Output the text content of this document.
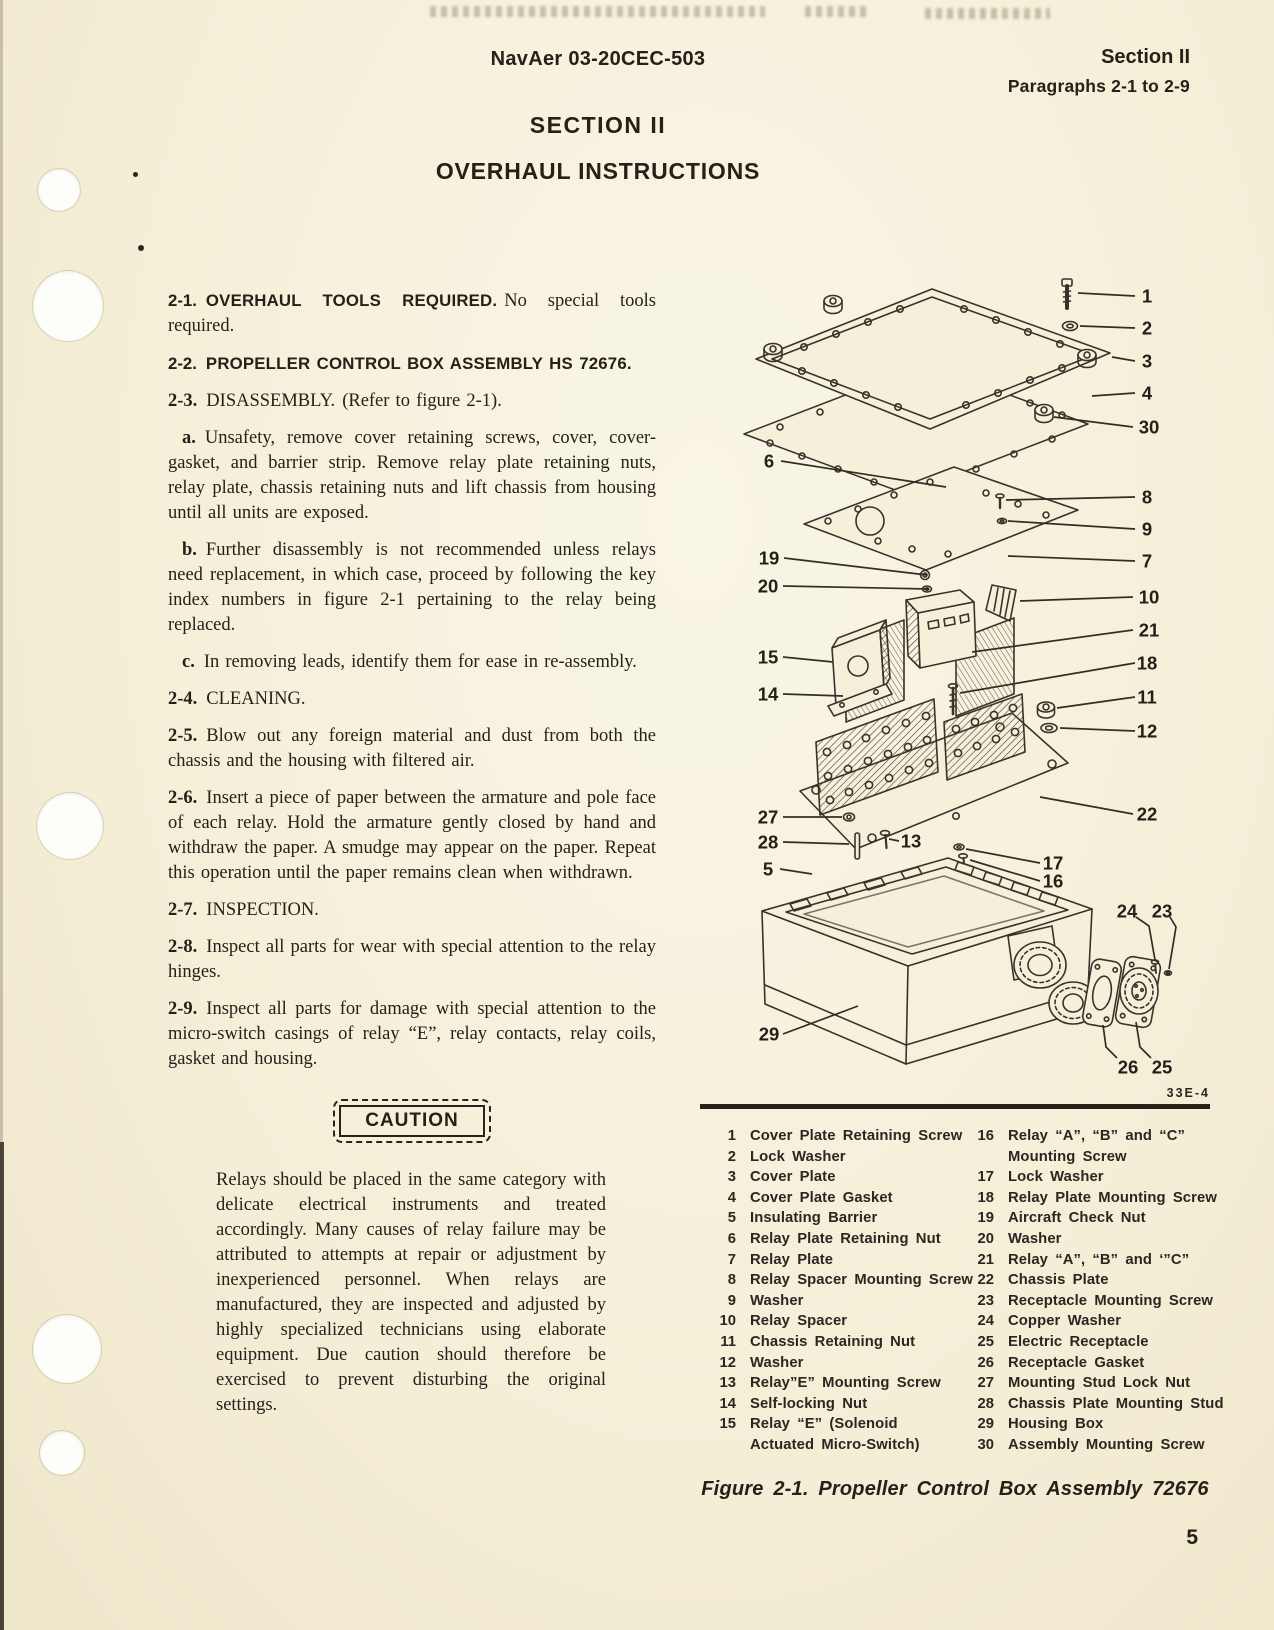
NavAer 03-20CEC-503	Section II
Paragraphs 2-1 to 2-9
SECTION II
OVERHAUL INSTRUCTIONS

2-1. OVERHAUL TOOLS REQUIRED. No special tools required.

2-2. PROPELLER CONTROL BOX ASSEMBLY HS 72676.

2-3. DISASSEMBLY. (Refer to figure 2-1).

a. Unsafety, remove cover retaining screws, cover, cover-gasket, and barrier strip. Remove relay plate retaining nuts, relay plate, chassis retaining nuts and lift chassis from housing until all units are exposed.

b. Further disassembly is not recommended unless relays need replacement, in which case, proceed by following the key index numbers in figure 2-1 pertaining to the relay being replaced.

c. In removing leads, identify them for ease in re-assembly.

2-4. CLEANING.

2-5. Blow out any foreign material and dust from both the chassis and the housing with filtered air.

2-6. Insert a piece of paper between the armature and pole face of each relay. Hold the armature gently closed by hand and withdraw the paper. A smudge may appear on the paper. Repeat this operation until the paper remains clean when withdrawn.

2-7. INSPECTION.

2-8. Inspect all parts for wear with special attention to the relay hinges.

2-9. Inspect all parts for damage with special attention to the micro-switch casings of relay “E”, relay contacts, relay coils, gasket and housing.

CAUTION

Relays should be placed in the same category with delicate electrical instruments and treated accordingly. Many causes of relay failure may be attributed to attempts at repair or adjustment by inexperienced personnel. When relays are manufactured, they are inspected and adjusted by highly specialized technicians using elaborate equipment. Due caution should therefore be exercised to prevent disturbing the original settings.

1
2
3
4
30
6
8
9
7
19
20
10
21
15	18
14	11
12
22
27
28	13
5	17
16
24 23
29
26 25
33E-4
1 Cover Plate Retaining Screw
2 Lock Washer
3 Cover Plate
4 Cover Plate Gasket
5 Insulating Barrier
6 Relay Plate Retaining Nut
7 Relay Plate
8 Relay Spacer Mounting Screw
9 Washer
10 Relay Spacer
11 Chassis Retaining Nut
12 Washer
13 Relay”E” Mounting Screw
14 Self-locking Nut
15 Relay “E” (Solenoid
Actuated Micro-Switch)
16 Relay “A”, “B” and “C”
Mounting Screw
17 Lock Washer
18 Relay Plate Mounting Screw
19 Aircraft Check Nut
20 Washer
21 Relay “A”, “B” and ‘”C”
22 Chassis Plate
23 Receptacle Mounting Screw
24 Copper Washer
25 Electric Receptacle
26 Receptacle Gasket
27 Mounting Stud Lock Nut
28 Chassis Plate Mounting Stud
29 Housing Box
30 Assembly Mounting Screw
Figure 2-1. Propeller Control Box Assembly 72676
5
